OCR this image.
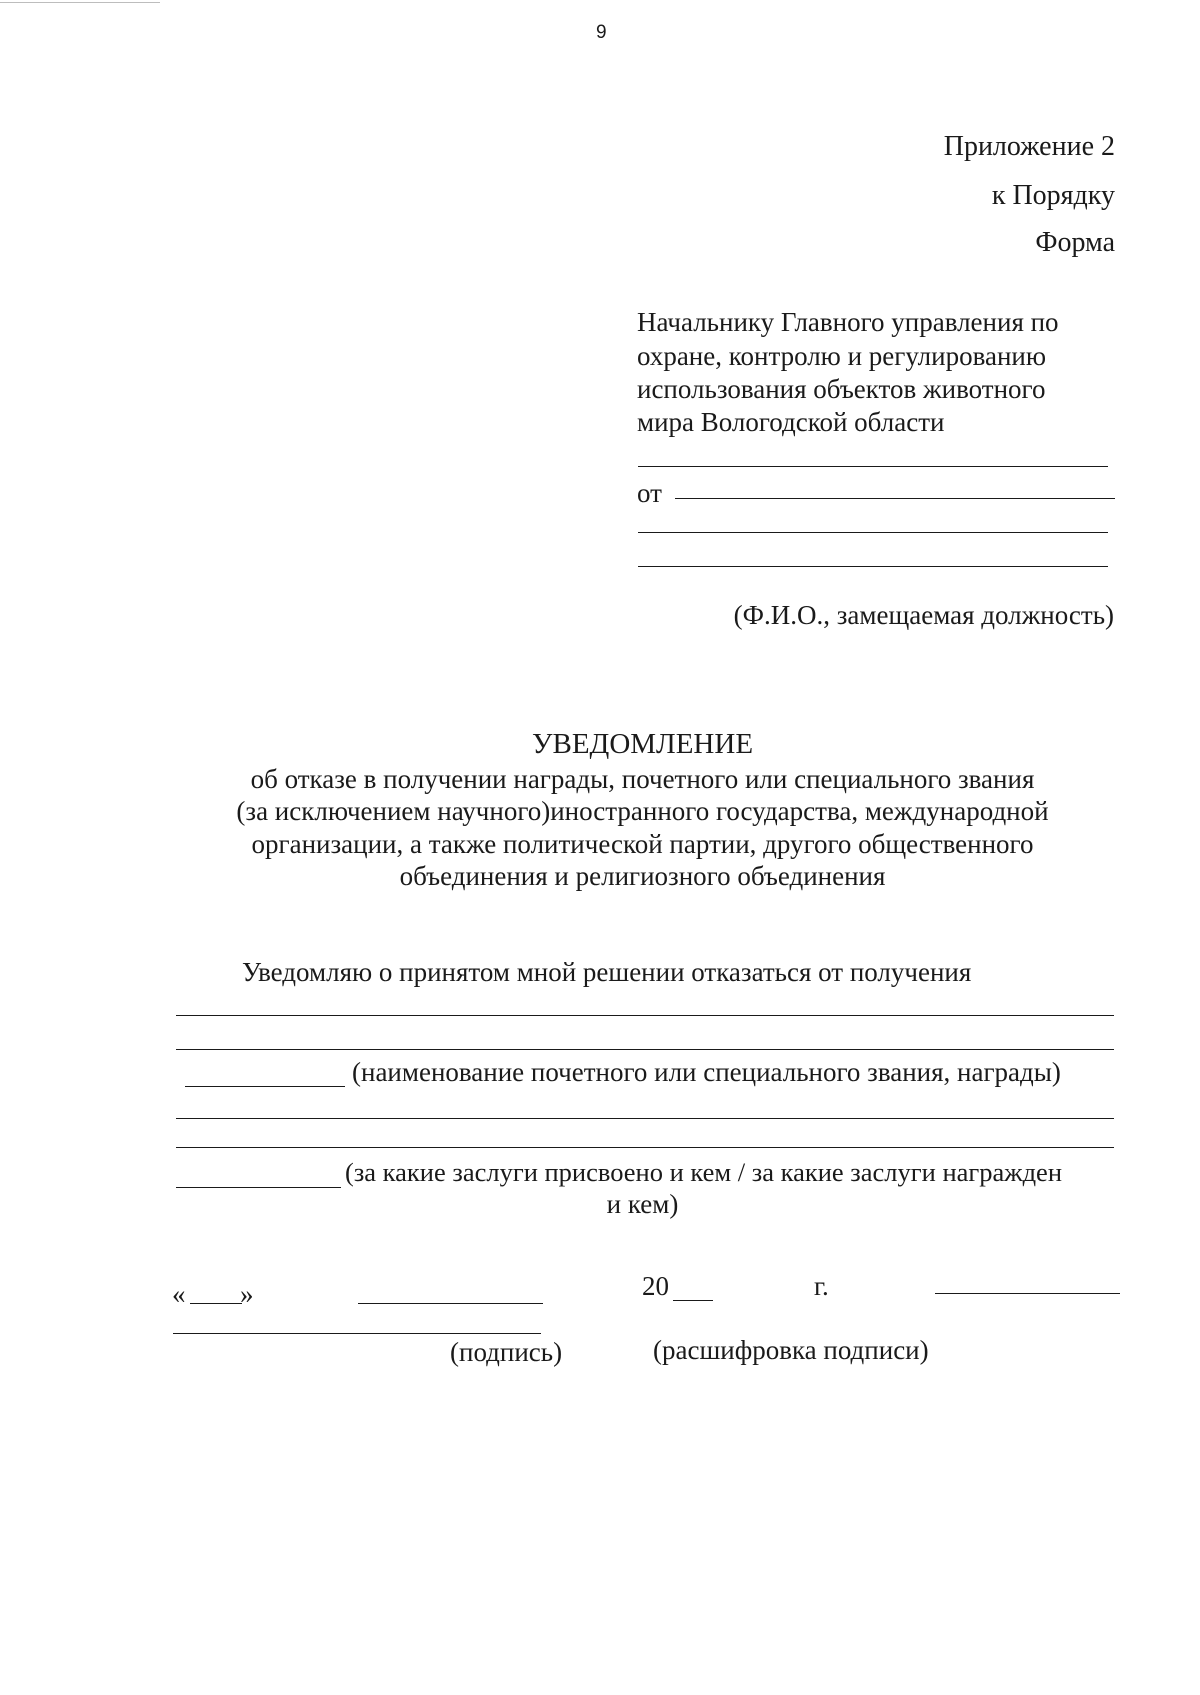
9
Приложение 2
к Порядку
Форма
Начальнику Главного управления по
охране, контролю и регулированию
использования объектов животного
мира Вологодской области
от
(Ф.И.О., замещаемая должность)
УВЕДОМЛЕНИЕ
об отказе в получении награды, почетного или специального звания
(за исключением научного)иностранного государства, международной
организации, а также политической партии, другого общественного
объединения и религиозного объединения
Уведомляю о принятом мной решении отказаться от получения
(наименование почетного или специального звания, награды)
(за какие заслуги присвоено и кем / за какие заслуги награжден
и кем)
« »	20	г.
(подпись)	(расшифровка подписи)
